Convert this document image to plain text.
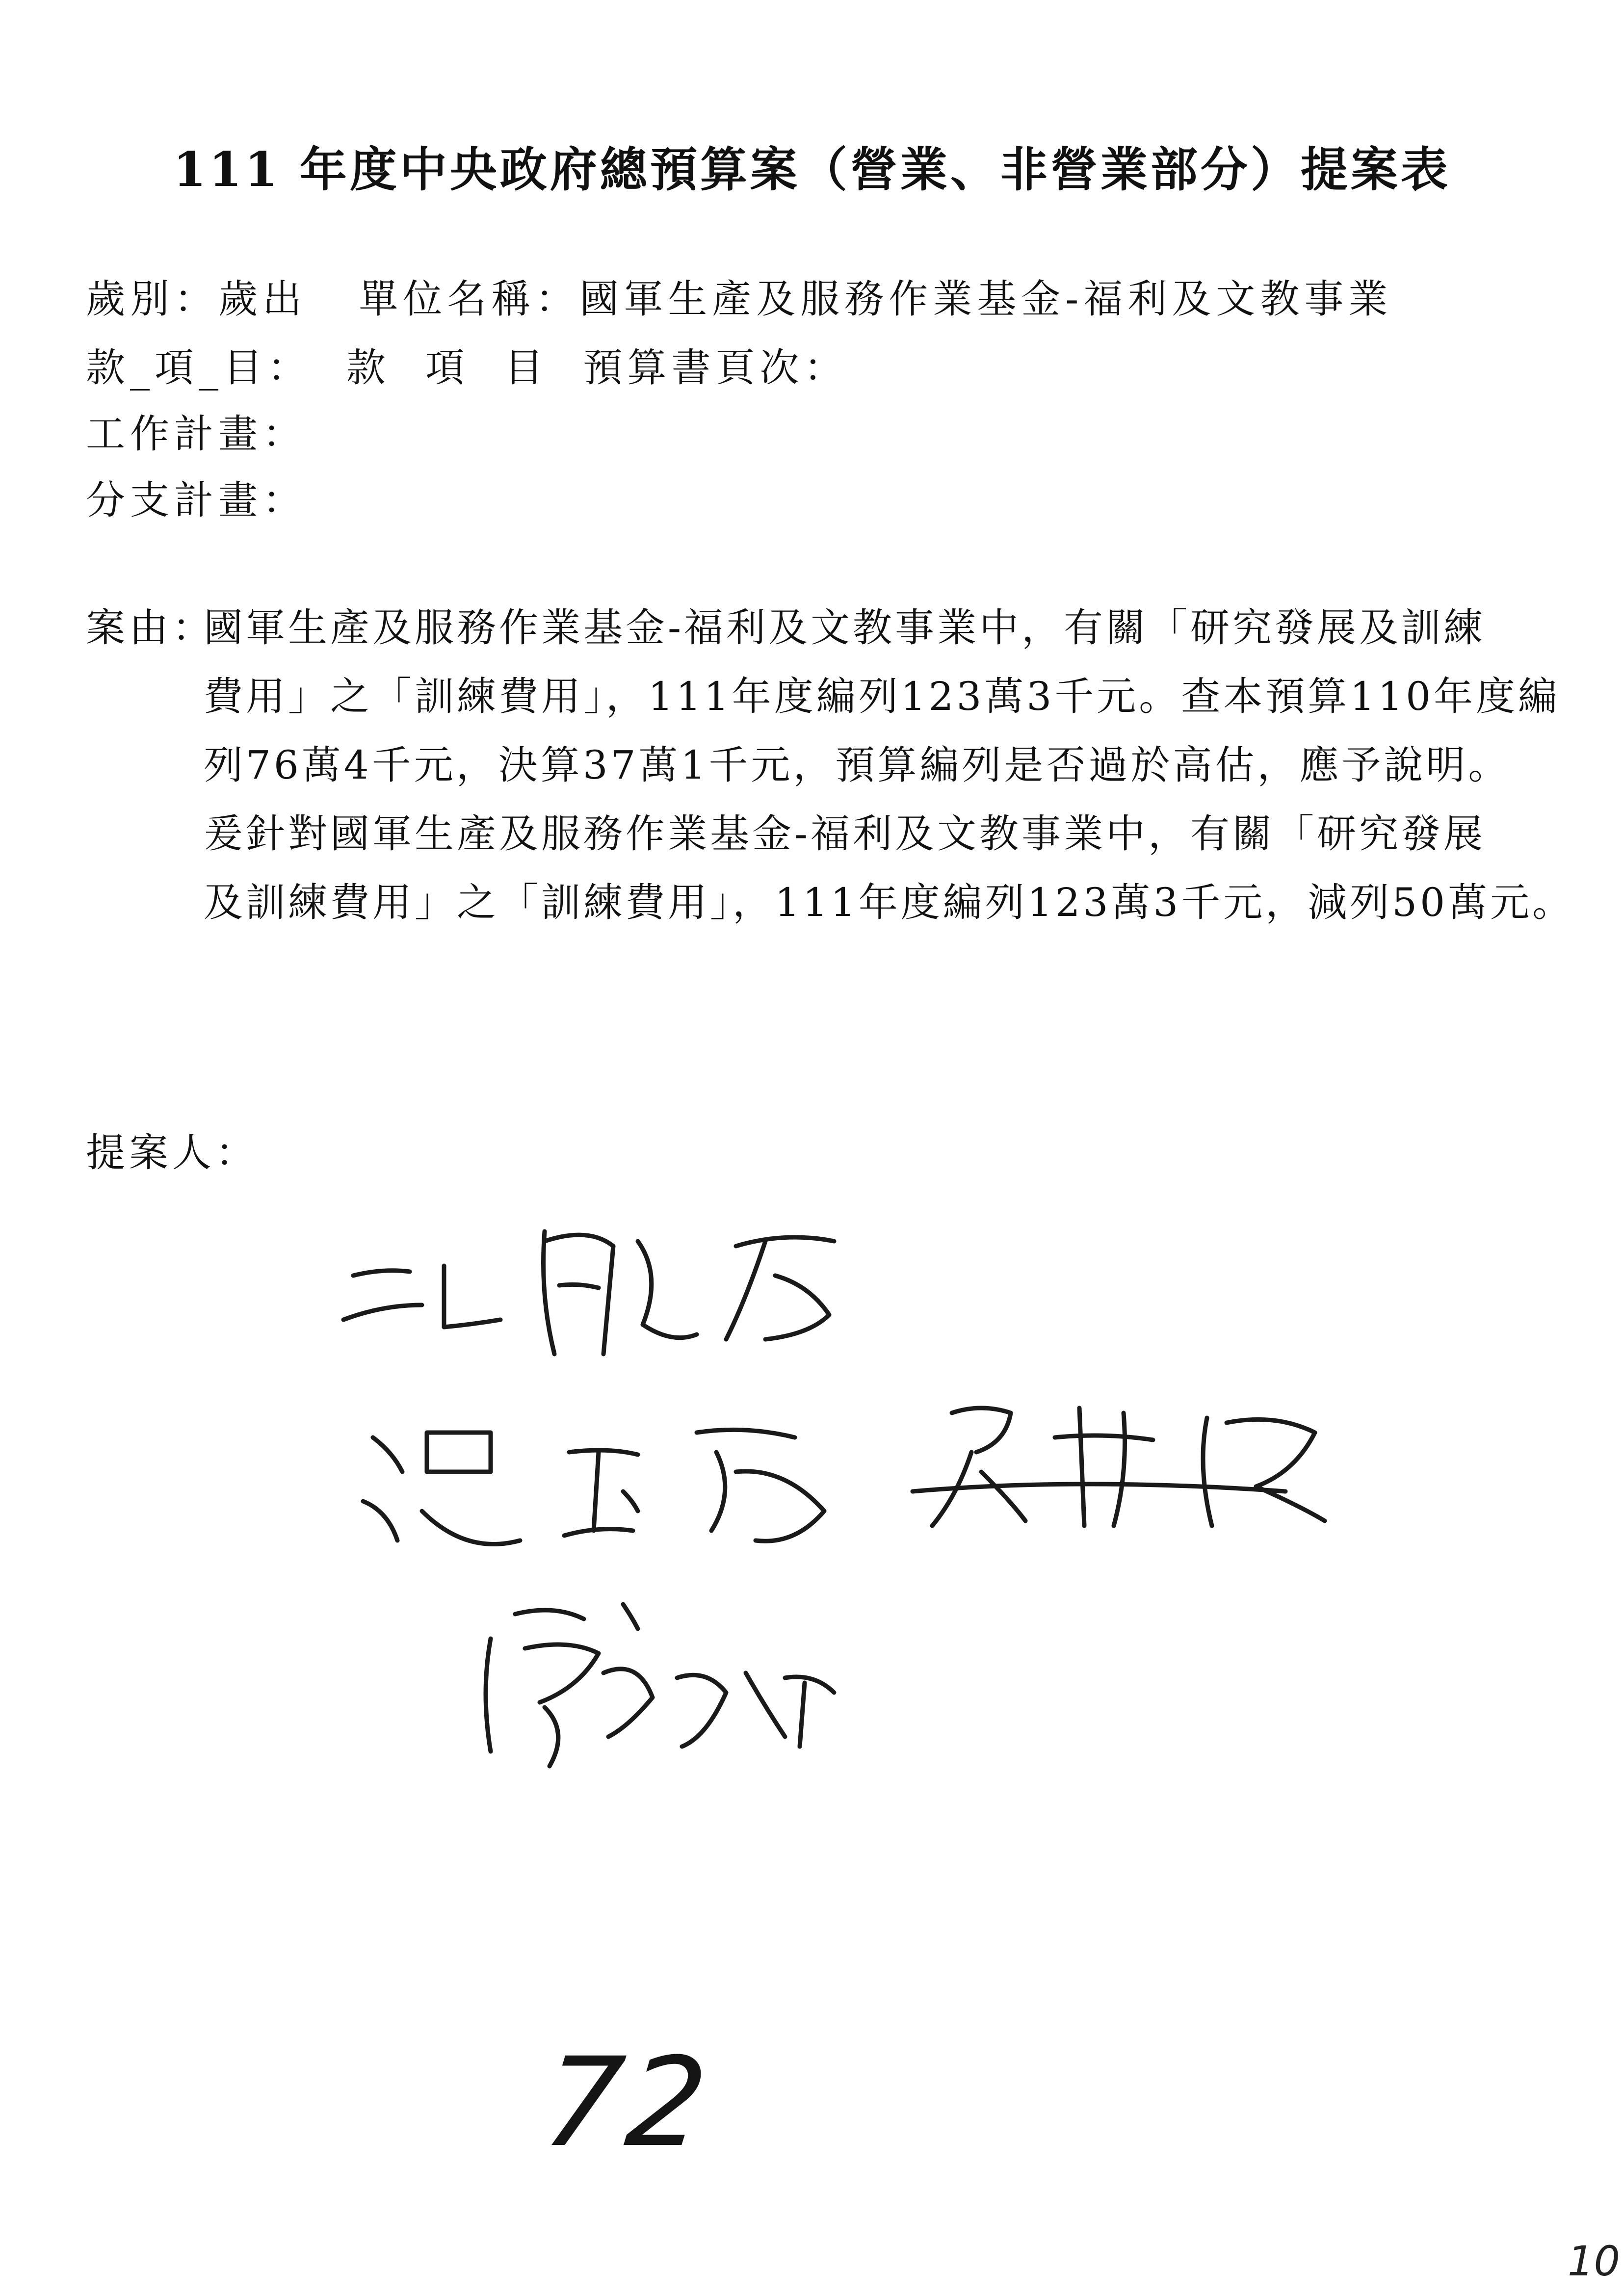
111 年度中央政府總預算案（營業、非營業部分）提案表
歲別：歲出   單位名稱：國軍生產及服務作業基金-福利及文教事業
款_項_目：  款  項  目  預算書頁次：
工作計畫：
分支計畫：
案由：
國軍生產及服務作業基金-福利及文教事業中，有關「研究發展及訓練
費用」之「訓練費用」，111年度編列123萬3千元。查本預算110年度編
列76萬4千元，決算37萬1千元，預算編列是否過於高估，應予說明。
爰針對國軍生產及服務作業基金-福利及文教事業中，有關「研究發展
及訓練費用」之「訓練費用」，111年度編列123萬3千元，減列50萬元。
提案人：
72
10
